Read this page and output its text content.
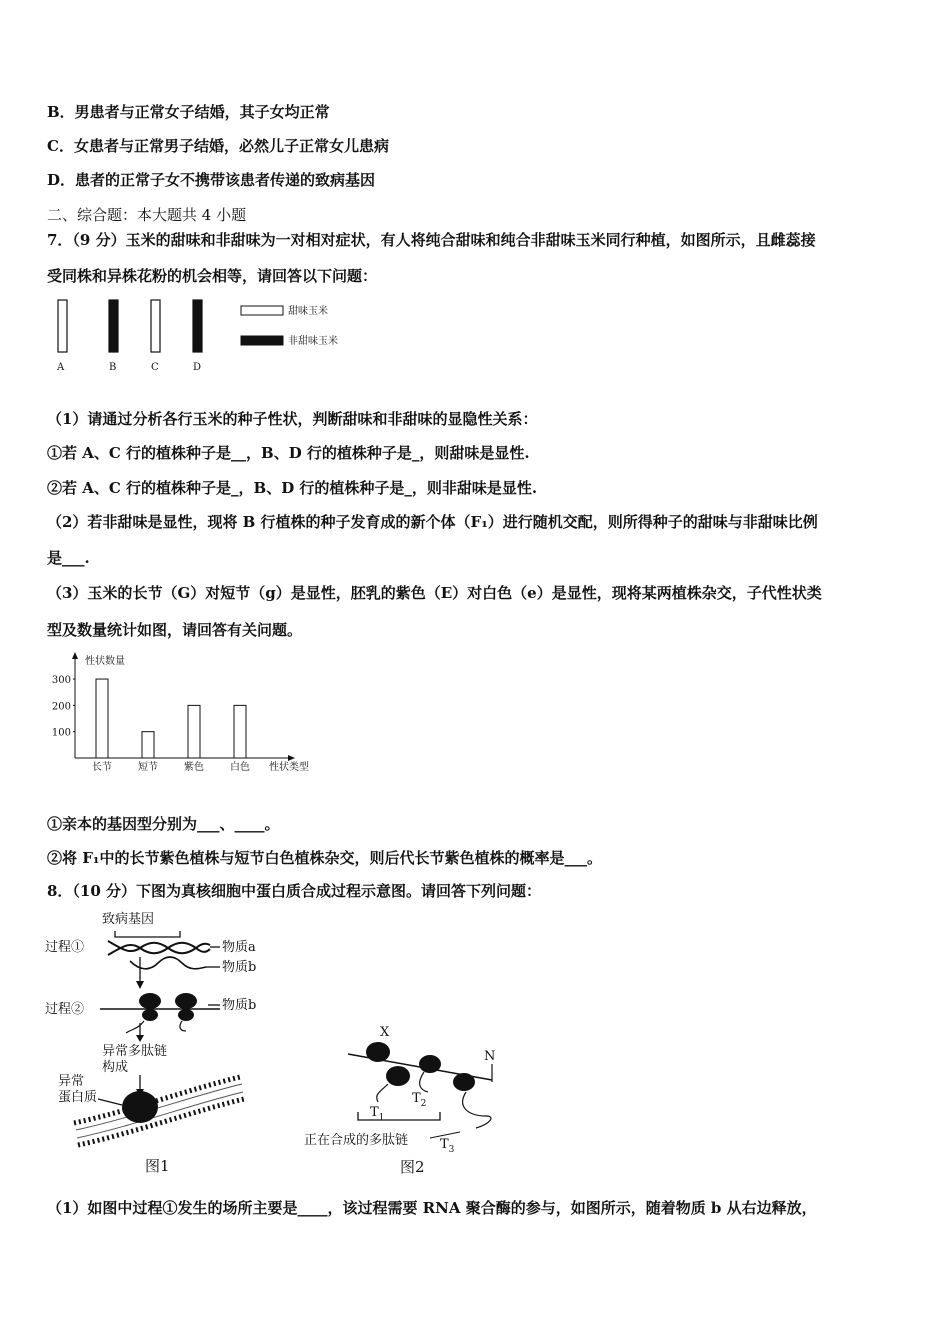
B．男患者与正常女子结婚，其子女均正常
C．女患者与正常男子结婚，必然儿子正常女儿患病
D．患者的正常子女不携带该患者传递的致病基因
二、综合题：本大题共 4 小题
7．（9 分）玉米的甜味和非甜味为一对相对症状，有人将纯合甜味和纯合非甜味玉米同行种植，如图所示，且雌蕊接
受同株和异株花粉的机会相等，请回答以下问题：
A	B	C	D
甜味玉米
非甜味玉米
（1）请通过分析各行玉米的种子性状，判断甜味和非甜味的显隐性关系：
①若 A、C 行的植株种子是__，B、D 行的植株种子是_，则甜味是显性.
②若 A、C 行的植株种子是_，B、D 行的植株种子是_，则非甜味是显性.
（2）若非甜味是显性，现将 B 行植株的种子发育成的新个体（F₁）进行随机交配，则所得种子的甜味与非甜味比例
是___.
（3）玉米的长节（G）对短节（g）是显性，胚乳的紫色（E）对白色（e）是显性，现将某两植株杂交，子代性状类
型及数量统计如图，请回答有关问题。
性状数量
性状类型
100
200
300
长节	短节	紫色	白色
①亲本的基因型分别为___、____。
②将 F₁中的长节紫色植株与短节白色植株杂交，则后代长节紫色植株的概率是___。
8．（10 分）下图为真核细胞中蛋白质合成过程示意图。请回答下列问题：
致病基因
过程①	物质a
物质b
过程②	物质b
异常多肽链
构成
异常
蛋白质
图1
X
N
$T_2$
$T_1$
正在合成的多肽链 $T_3$
图2
（1）如图中过程①发生的场所主要是____，该过程需要 RNA 聚合酶的参与，如图所示，随着物质 b 从右边释放，
